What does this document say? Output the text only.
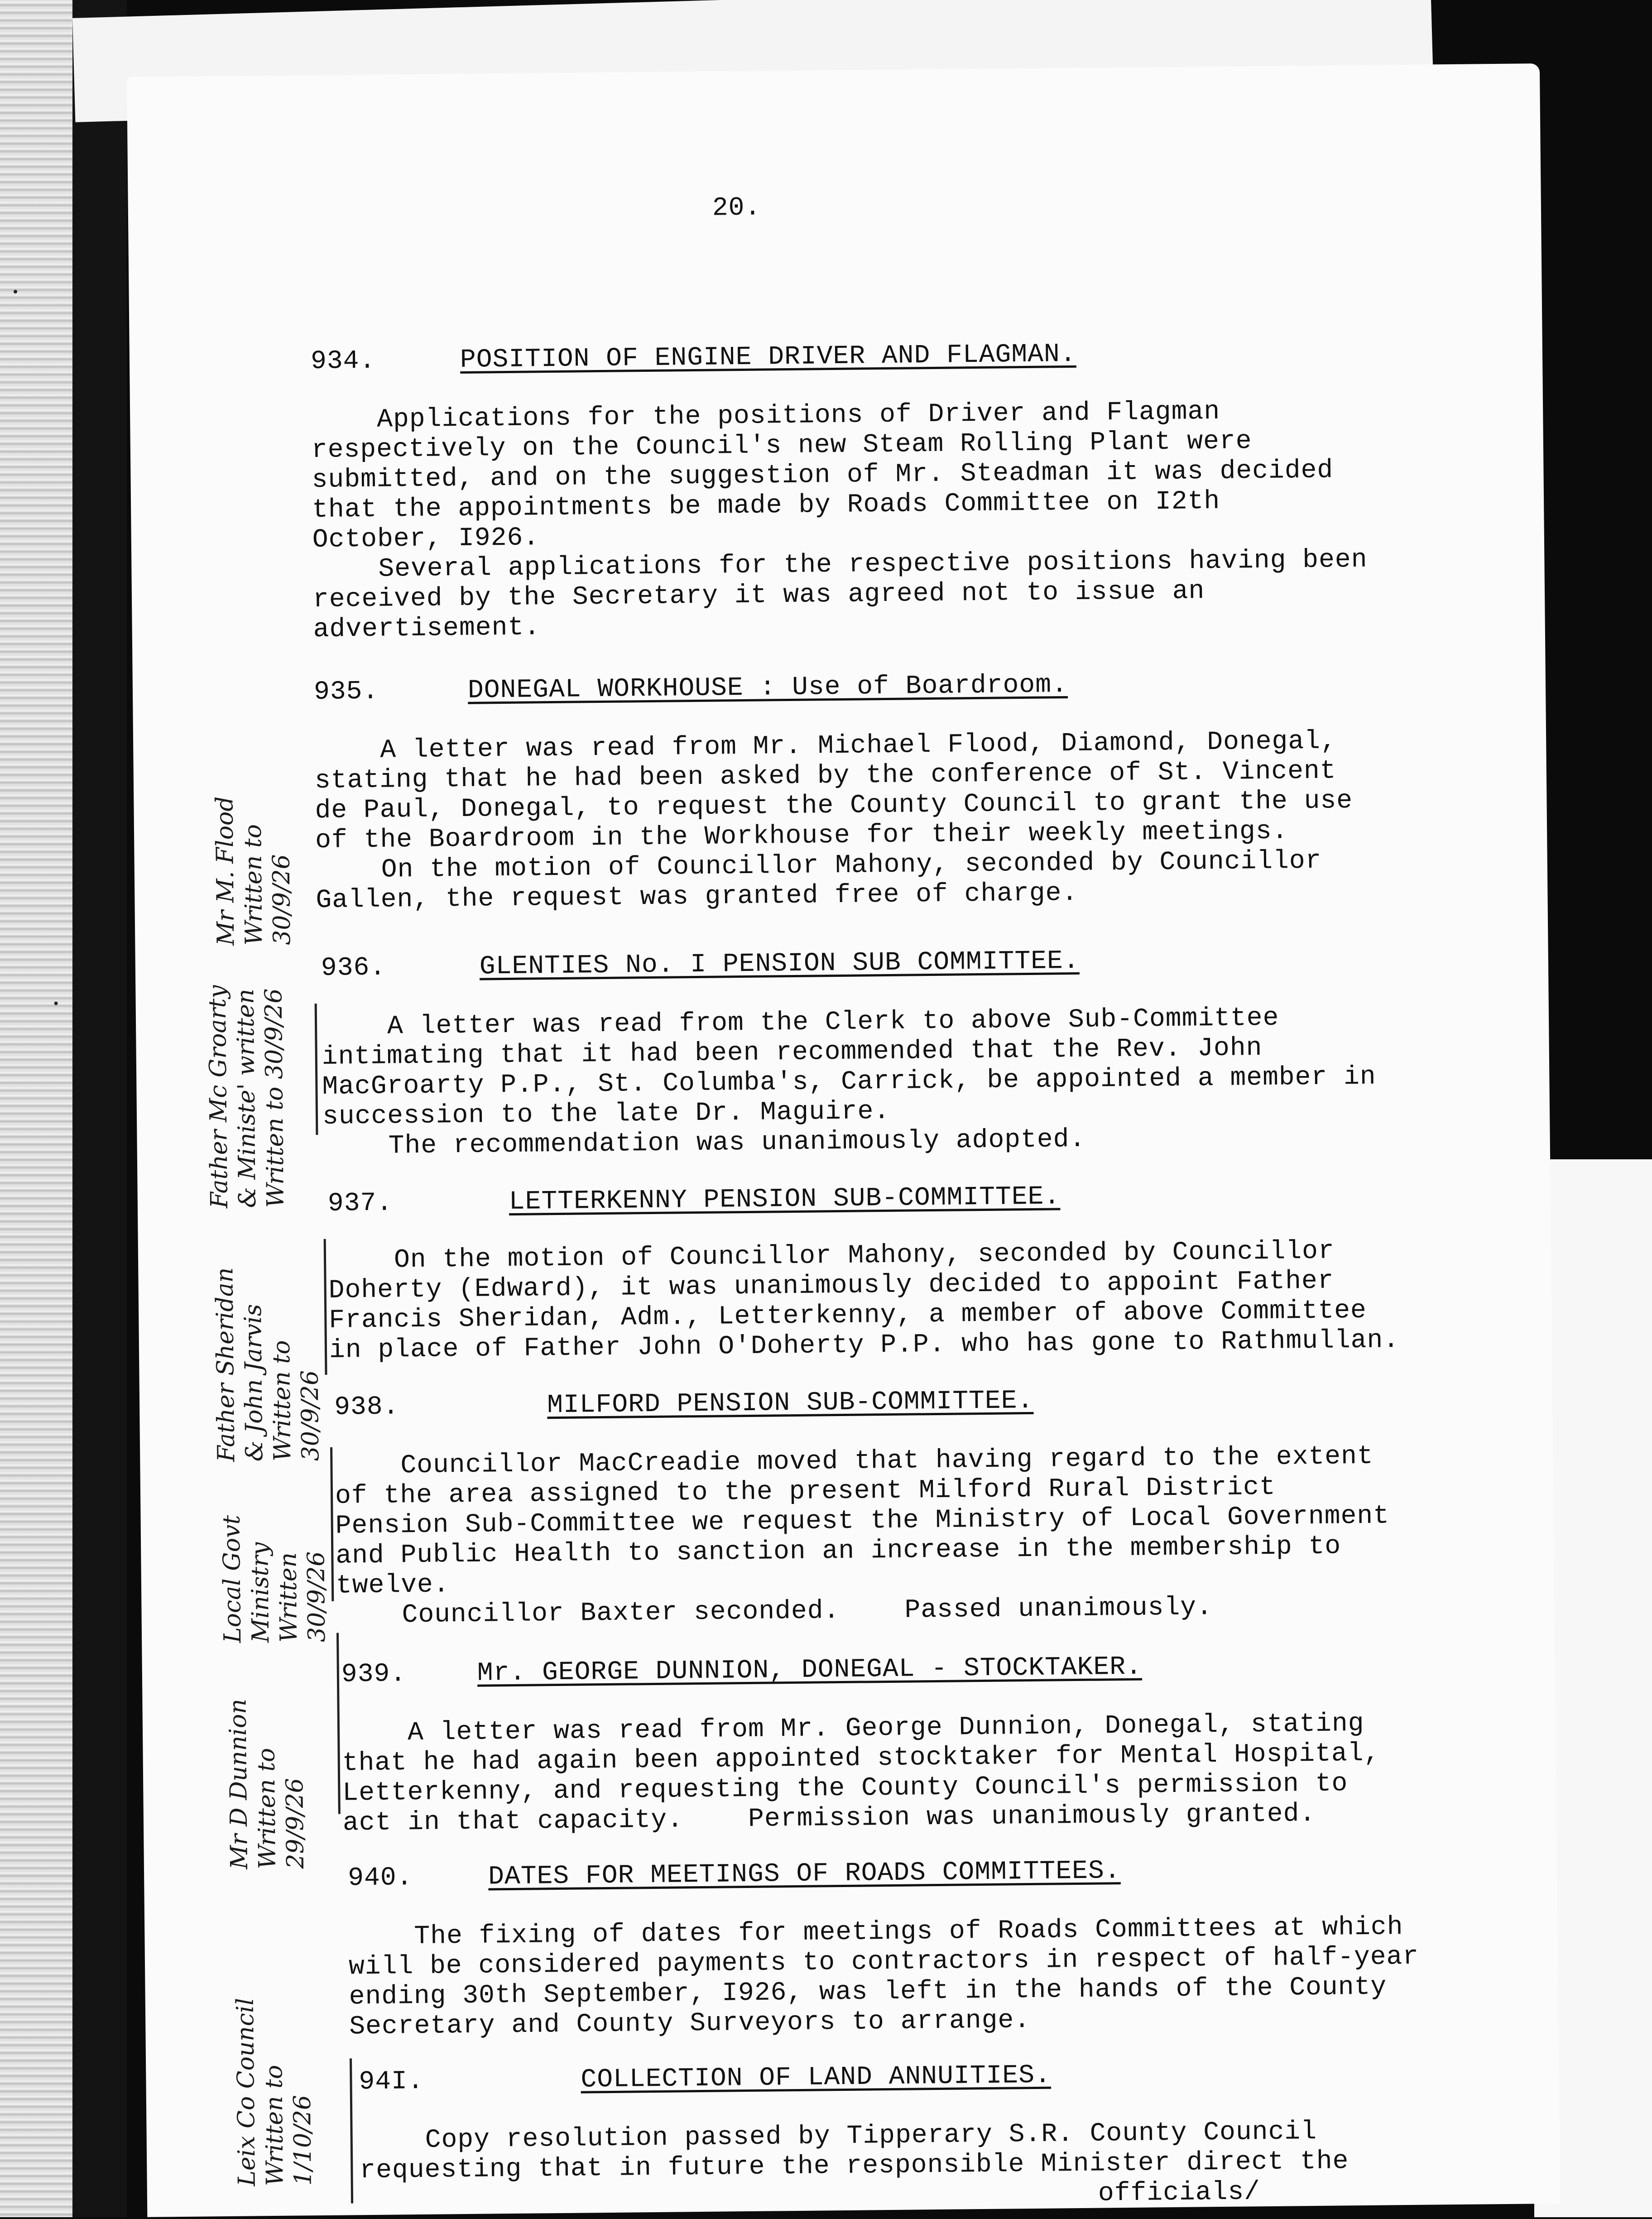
20.
934.	POSITION OF ENGINE DRIVER AND FLAGMAN.
Applications for the positions of Driver and Flagman
respectively on the Council's new Steam Rolling Plant were
submitted, and on the suggestion of Mr. Steadman it was decided
that the appointments be made by Roads Committee on I2th
October, I926.
Several applications for the respective positions having been
received by the Secretary it was agreed not to issue an
advertisement.
935.	DONEGAL WORKHOUSE : Use of Boardroom.
A letter was read from Mr. Michael Flood, Diamond, Donegal,
stating that he had been asked by the conference of St. Vincent
de Paul, Donegal, to request the County Council to grant the use
of the Boardroom in the Workhouse for their weekly meetings.
On the motion of Councillor Mahony, seconded by Councillor
Gallen, the request was granted free of charge.
936.	GLENTIES No. I PENSION SUB COMMITTEE.
A letter was read from the Clerk to above Sub-Committee
intimating that it had been recommended that the Rev. John
MacGroarty P.P., St. Columba's, Carrick, be appointed a member in
succession to the late Dr. Maguire.
The recommendation was unanimously adopted.
937.	LETTERKENNY PENSION SUB-COMMITTEE.
On the motion of Councillor Mahony, seconded by Councillor
Doherty (Edward), it was unanimously decided to appoint Father
Francis Sheridan, Adm., Letterkenny, a member of above Committee
in place of Father John O'Doherty P.P. who has gone to Rathmullan.
938.	MILFORD PENSION SUB-COMMITTEE.
Councillor MacCreadie moved that having regard to the extent
of the area assigned to the present Milford Rural District
Pension Sub-Committee we request the Ministry of Local Government
and Public Health to sanction an increase in the membership to
twelve.
Councillor Baxter seconded.    Passed unanimously.
939.	Mr. GEORGE DUNNION, DONEGAL - STOCKTAKER.
A letter was read from Mr. George Dunnion, Donegal, stating
that he had again been appointed stocktaker for Mental Hospital,
Letterkenny, and requesting the County Council's permission to
act in that capacity.    Permission was unanimously granted.
940.	DATES FOR MEETINGS OF ROADS COMMITTEES.
The fixing of dates for meetings of Roads Committees at which
will be considered payments to contractors in respect of half-year
ending 30th September, I926, was left in the hands of the County
Secretary and County Surveyors to arrange.
94I.	COLLECTION OF LAND ANNUITIES.
Copy resolution passed by Tipperary S.R. County Council
requesting that in future the responsible Minister direct the
officials/
Mr M. Flood Written to 30/9/26
Father Mc Groarty
& Ministe' written
Written to 30/9/26
Father Sheridan
& John Jarvis Written to 30/9/26
Local Govt Ministry Written 30/9/26
Mr D Dunnion Written to 29/9/26
Leix Co Council Written to 1/10/26
